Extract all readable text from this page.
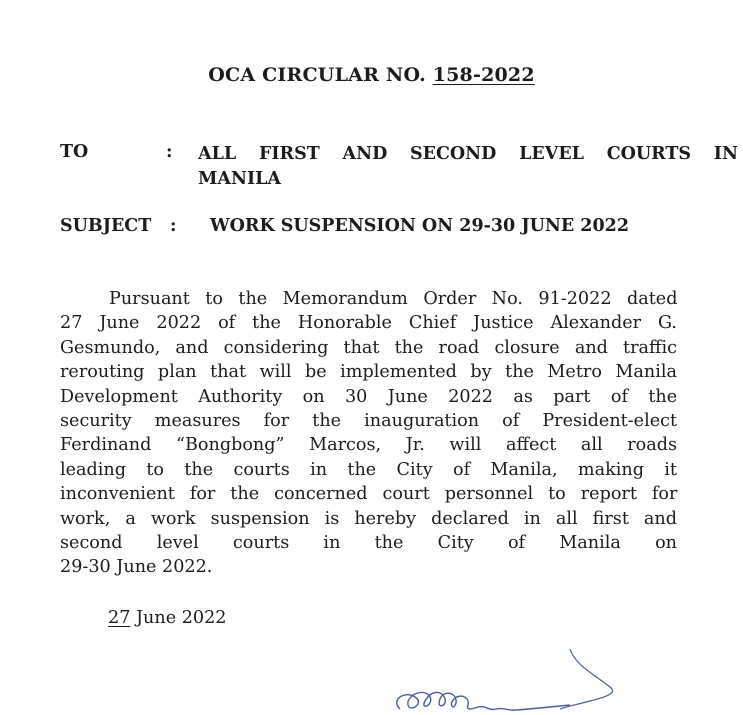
OCA CIRCULAR NO. 158-2022
TO	: ALL FIRST AND SECOND LEVEL COURTS IN
MANILA
SUBJECT : WORK SUSPENSION ON 29-30 JUNE 2022
Pursuant to the Memorandum Order No. 91-2022 dated
27 June 2022 of the Honorable Chief Justice Alexander G.
Gesmundo, and considering that the road closure and traffic
rerouting plan that will be implemented by the Metro Manila
Development Authority on 30 June 2022 as part of the
security measures for the inauguration of President-elect
Ferdinand “Bongbong” Marcos, Jr. will affect all roads
leading to the courts in the City of Manila, making it
inconvenient for the concerned court personnel to report for
work, a work suspension is hereby declared in all first and
second level courts in the City of Manila on
29-30 June 2022.
27 June 2022
